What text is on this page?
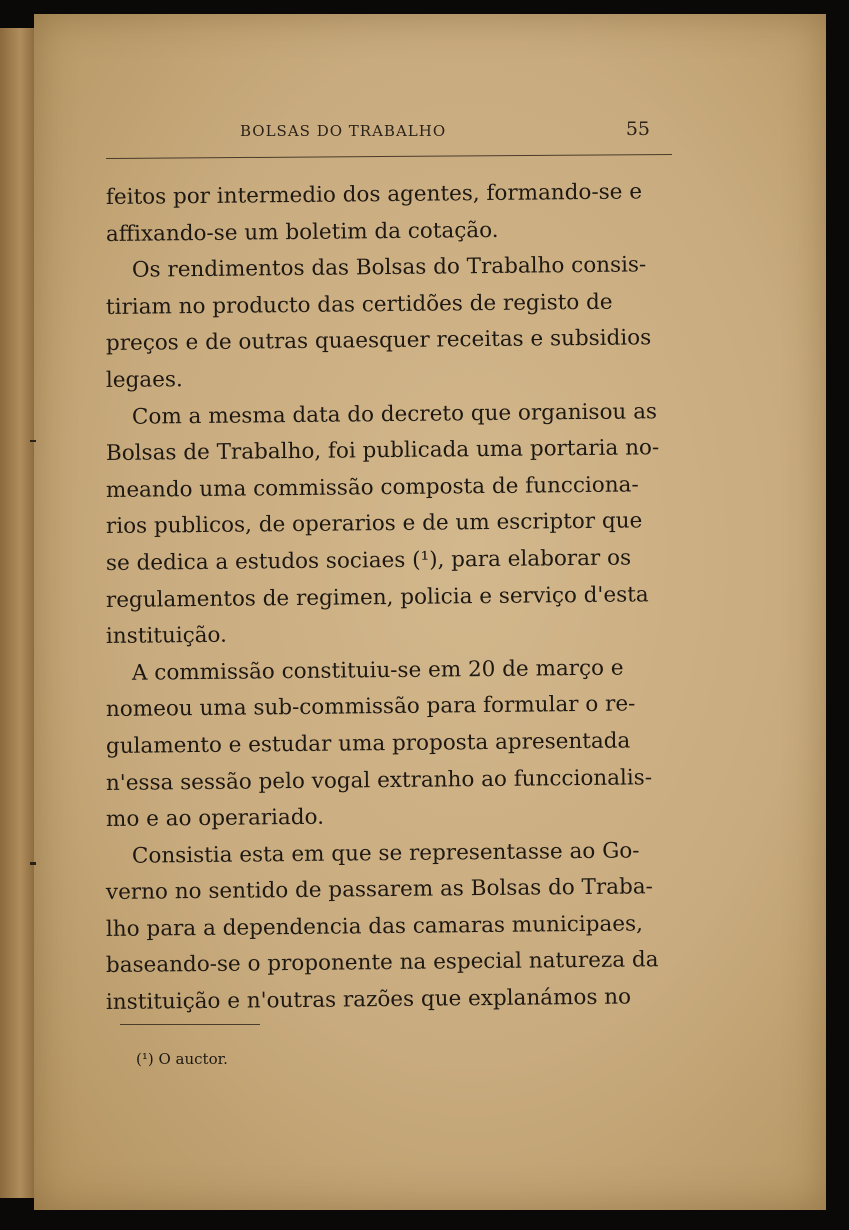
BOLSAS DO TRABALHO	55
feitos por intermedio dos agentes, formando-se e
affixando-se um boletim da cotação.
Os rendimentos das Bolsas do Trabalho consis-
tiriam no producto das certidões de registo de
preços e de outras quaesquer receitas e subsidios
legaes.
Com a mesma data do decreto que organisou as
Bolsas de Trabalho, foi publicada uma portaria no-
meando uma commissão composta de funcciona-
rios publicos, de operarios e de um escriptor que
se dedica a estudos sociaes (¹), para elaborar os
regulamentos de regimen, policia e serviço d'esta
instituição.
A commissão constituiu-se em 20 de março e
nomeou uma sub-commissão para formular o re-
gulamento e estudar uma proposta apresentada
n'essa sessão pelo vogal extranho ao funccionalis-
mo e ao operariado.
Consistia esta em que se representasse ao Go-
verno no sentido de passarem as Bolsas do Traba-
lho para a dependencia das camaras municipaes,
baseando-se o proponente na especial natureza da
instituição e n'outras razões que explanámos no
(¹) O auctor.
